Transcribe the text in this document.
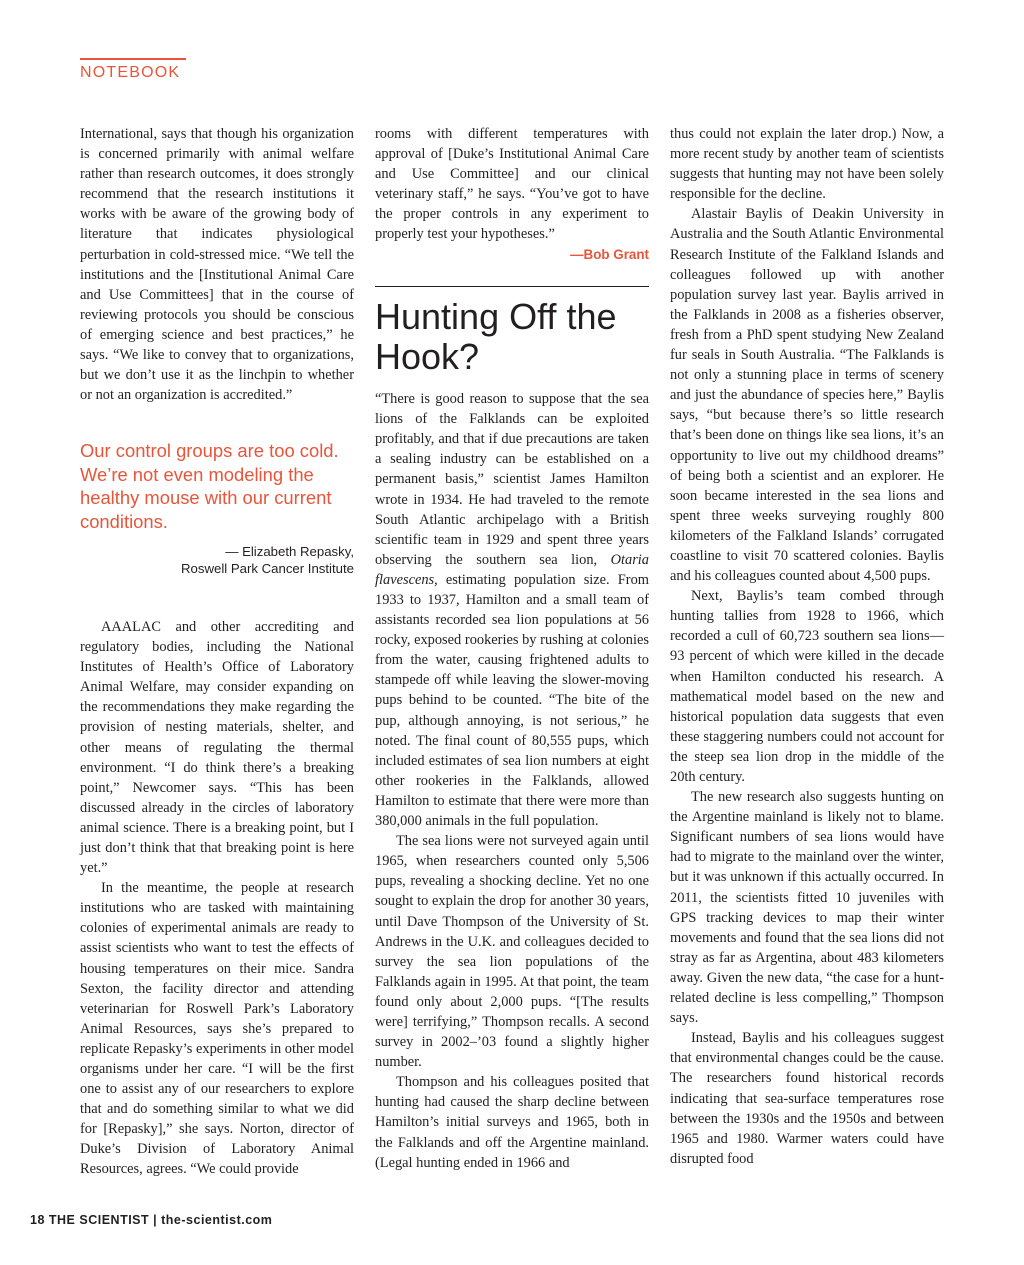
NOTEBOOK

International, says that though his organization is concerned primarily with animal welfare rather than research outcomes, it does strongly recommend that the research institutions it works with be aware of the growing body of literature that indicates physiological perturbation in cold-stressed mice. “We tell the institutions and the [Institutional Animal Care and Use Committees] that in the course of reviewing protocols you should be conscious of emerging science and best practices,” he says. “We like to convey that to organizations, but we don’t use it as the linchpin to whether or not an organization is accredited.”

Our control groups are too cold. We’re not even modeling the healthy mouse with our current conditions.
— Elizabeth Repasky,
Roswell Park Cancer Institute

AAALAC and other accrediting and regulatory bodies, including the National Institutes of Health’s Office of Laboratory Animal Welfare, may consider expanding on the recommendations they make regarding the provision of nesting materials, shelter, and other means of regulating the thermal environment. “I do think there’s a breaking point,” Newcomer says. “This has been discussed already in the circles of laboratory animal science. There is a breaking point, but I just don’t think that that breaking point is here yet.”

In the meantime, the people at research institutions who are tasked with maintaining colonies of experimental animals are ready to assist scientists who want to test the effects of housing temperatures on their mice. Sandra Sexton, the facility director and attending veterinarian for Roswell Park’s Laboratory Animal Resources, says she’s prepared to replicate Repasky’s experiments in other model organisms under her care. “I will be the first one to assist any of our researchers to explore that and do something similar to what we did for [Repasky],” she says. Norton, director of Duke’s Division of Laboratory Animal Resources, agrees. “We could provide

rooms with different temperatures with approval of [Duke’s Institutional Animal Care and Use Committee] and our clinical veterinary staff,” he says. “You’ve got to have the proper controls in any experiment to properly test your hypotheses.”

—Bob Grant
Hunting Off the Hook?

“There is good reason to suppose that the sea lions of the Falklands can be exploited profitably, and that if due precautions are taken a sealing industry can be established on a permanent basis,” scientist James Hamilton wrote in 1934. He had traveled to the remote South Atlantic archipelago with a British scientific team in 1929 and spent three years observing the southern sea lion, Otaria flavescens, estimating population size. From 1933 to 1937, Hamilton and a small team of assistants recorded sea lion populations at 56 rocky, exposed rookeries by rushing at colonies from the water, causing frightened adults to stampede off while leaving the slower-moving pups behind to be counted. “The bite of the pup, although annoying, is not serious,” he noted. The final count of 80,555 pups, which included estimates of sea lion numbers at eight other rookeries in the Falklands, allowed Hamilton to estimate that there were more than 380,000 animals in the full population.

The sea lions were not surveyed again until 1965, when researchers counted only 5,506 pups, revealing a shocking decline. Yet no one sought to explain the drop for another 30 years, until Dave Thompson of the University of St. Andrews in the U.K. and colleagues decided to survey the sea lion populations of the Falklands again in 1995. At that point, the team found only about 2,000 pups. “[The results were] terrifying,” Thompson recalls. A second survey in 2002–’03 found a slightly higher number.

Thompson and his colleagues posited that hunting had caused the sharp decline between Hamilton’s initial surveys and 1965, both in the Falklands and off the Argentine mainland. (Legal hunting ended in 1966 and

thus could not explain the later drop.) Now, a more recent study by another team of scientists suggests that hunting may not have been solely responsible for the decline.

Alastair Baylis of Deakin University in Australia and the South Atlantic Environmental Research Institute of the Falkland Islands and colleagues followed up with another population survey last year. Baylis arrived in the Falklands in 2008 as a fisheries observer, fresh from a PhD spent studying New Zealand fur seals in South Australia. “The Falklands is not only a stunning place in terms of scenery and just the abundance of species here,” Baylis says, “but because there’s so little research that’s been done on things like sea lions, it’s an opportunity to live out my childhood dreams” of being both a scientist and an explorer. He soon became interested in the sea lions and spent three weeks surveying roughly 800 kilometers of the Falkland Islands’ corrugated coastline to visit 70 scattered colonies. Baylis and his colleagues counted about 4,500 pups.

Next, Baylis’s team combed through hunting tallies from 1928 to 1966, which recorded a cull of 60,723 southern sea lions—93 percent of which were killed in the decade when Hamilton conducted his research. A mathematical model based on the new and historical population data suggests that even these staggering numbers could not account for the steep sea lion drop in the middle of the 20th century.

The new research also suggests hunting on the Argentine mainland is likely not to blame. Significant numbers of sea lions would have had to migrate to the mainland over the winter, but it was unknown if this actually occurred. In 2011, the scientists fitted 10 juveniles with GPS tracking devices to map their winter movements and found that the sea lions did not stray as far as Argentina, about 483 kilometers away. Given the new data, “the case for a hunt-related decline is less compelling,” Thompson says.

Instead, Baylis and his colleagues suggest that environmental changes could be the cause. The researchers found historical records indicating that sea-surface temperatures rose between the 1930s and the 1950s and between 1965 and 1980. Warmer waters could have disrupted food

18 THE SCIENTIST | the-scientist.com
